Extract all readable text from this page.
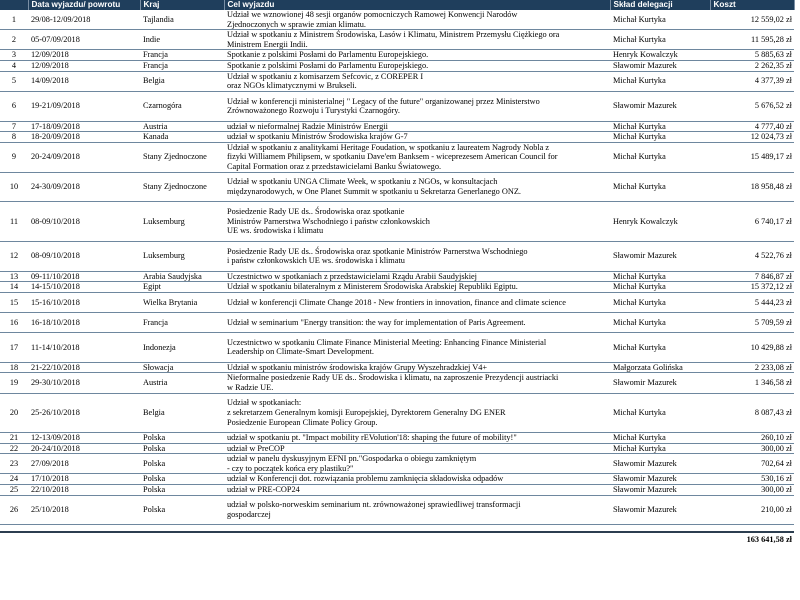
	Data wyjazdu/ powrotu	Kraj	Cel wyjazdu	Skład delegacji	Koszt
1	29/08-12/09/2018	Tajlandia	Udział we wznowionej 48 sesji organów pomocniczych Ramowej Konwencji Narodów
Zjednoczonych w sprawie zmian klimatu.	Michał Kurtyka	12 559,02 zł
2	05-07/09/2018	Indie	Udział w spotkaniu z Ministrem Środowiska, Lasów i Klimatu, Ministrem Przemysłu Ciężkiego ora
Ministrem Energii Indii.	Michał Kurtyka	11 595,28 zł
3	12/09/2018	Francja	Spotkanie z polskimi Posłami do Parlamentu Europejskiego.	Henryk Kowalczyk	5 885,63 zł
4	12/09/2018	Francja	Spotkanie z polskimi Posłami do Parlamentu Europejskiego.	Sławomir Mazurek	2 262,35 zł
5	14/09/2018	Belgia	Udział w spotkaniu z komisarzem Sefcovic, z COREPER I
oraz NGOs klimatycznymi w Brukseli.	Michał Kurtyka	4 377,39 zł
6	19-21/09/2018	Czarnogóra	Udział w konferencji ministerialnej " Legacy of the future" organizowanej przez Ministerstwo
Zrównoważonego Rozwoju i Turystyki Czarnogóry.	Sławomir Mazurek	5 676,52 zł
7	17-18/09/2018	Austria	udział w nieformalnej Radzie Ministrów Energii	Michał Kurtyka	4 777,40 zł
8	18-20/09/2018	Kanada	udział w spotkaniu Ministrów Środowiska krajów G-7	Michał Kurtyka	12 024,73 zł
9	20-24/09/2018	Stany Zjednoczone	Udział w spotkaniu z analitykami Heritage Foudation, w spotkaniu z laureatem Nagrody Nobla z
fizyki Williamem Philipsem, w spotkaniu Dave'em Banksem - wiceprezesem American Council for
Capital Formation oraz z przedstawicielami Banku Światowego.	Michał Kurtyka	15 489,17 zł
10	24-30/09/2018	Stany Zjednoczone	Udział w spotkaniu UNGA Climate Week, w spotkaniu z NGOs, w konsultacjach
międzynarodowych, w One Planet Summit w spotkaniu u Sekretarza Generlanego ONZ.	Michał Kurtyka	18 958,48 zł
11	08-09/10/2018	Luksemburg	Posiedzenie Rady UE ds.. Środowiska oraz spotkanie
Ministrów Parnerstwa Wschodniego i państw członkowskich
UE ws. środowiska i klimatu	Henryk Kowalczyk	6 740,17 zł
12	08-09/10/2018	Luksemburg	Posiedzenie Rady UE ds.. Środowiska oraz spotkanie Ministrów Parnerstwa Wschodniego
i państw członkowskich UE ws. środowiska i klimatu	Sławomir Mazurek	4 522,76 zł
13	09-11/10/2018	Arabia Saudyjska	Uczestnictwo w spotkaniach z przedstawicielami Rządu Arabii Saudyjskiej	Michał Kurtyka	7 846,87 zł
14	14-15/10/2018	Egipt	Udział w spotkaniu bilateralnym z Ministerem Środowiska Arabskiej Republiki Egiptu.	Michał Kurtyka	15 372,12 zł
15	15-16/10/2018	Wielka Brytania	Udział w konferencji Climate Change 2018 - New frontiers in innovation, finance and climate science	Michał Kurtyka	5 444,23 zł
16	16-18/10/2018	Francja	Udział w seminarium "Energy transition: the way for implementation of Paris Agreement.	Michał Kurtyka	5 709,59 zł
17	11-14/10/2018	Indonezja	Uczestnictwo w spotkaniu Climate Finance Ministerial Meeting: Enhancing Finance Ministerial
Leadership on Climate-Smart Development.	Michał Kurtyka	10 429,88 zł
18	21-22/10/2018	Słowacja	Udział w spotkaniu ministrów środowiska krajów Grupy Wyszehradzkiej V4+	Małgorzata Golińska	2 233,08 zł
19	29-30/10/2018	Austria	Nieformalne posiedzenie Rady UE ds.. Środowiska i klimatu, na zaproszenie Prezydencji austriacki
w Radzie UE.	Sławomir Mazurek	1 346,58 zł
20	25-26/10/2018	Belgia	Udział w spotkaniach:
z sekretarzem Generalnym komisji Europejskiej, Dyrektorem Generalny DG ENER
Posiedzenie European Climate Policy Group.	Michał Kurtyka	8 087,43 zł
21	12-13/09/2018	Polska	udział w spotkaniu pt. "Impact mobility rEVolution'18: shaping the future of mobility!"	Michał Kurtyka	260,10 zł
22	20-24/10/2018	Polska	udział w PreCOP	Michał Kurtyka	300,00 zł
23	27/09/2018	Polska	udział w panelu dyskusyjnym EFNI pn."Gospodarka o obiegu zamkniętym
- czy to początek końca ery plastiku?"	Sławomir Mazurek	702,64 zł
24	17/10/2018	Polska	udział w Konferencji dot. rozwiązania problemu zamknięcia składowiska odpadów	Sławomir Mazurek	530,16 zł
25	22/10/2018	Polska	udział w PRE-COP24	Sławomir Mazurek	300,00 zł
26	25/10/2018	Polska	udział w polsko-norweskim seminarium nt. zrównoważonej sprawiedliwej transformacji
gospodarczej	Sławomir Mazurek	210,00 zł

					163 641,58 zł
